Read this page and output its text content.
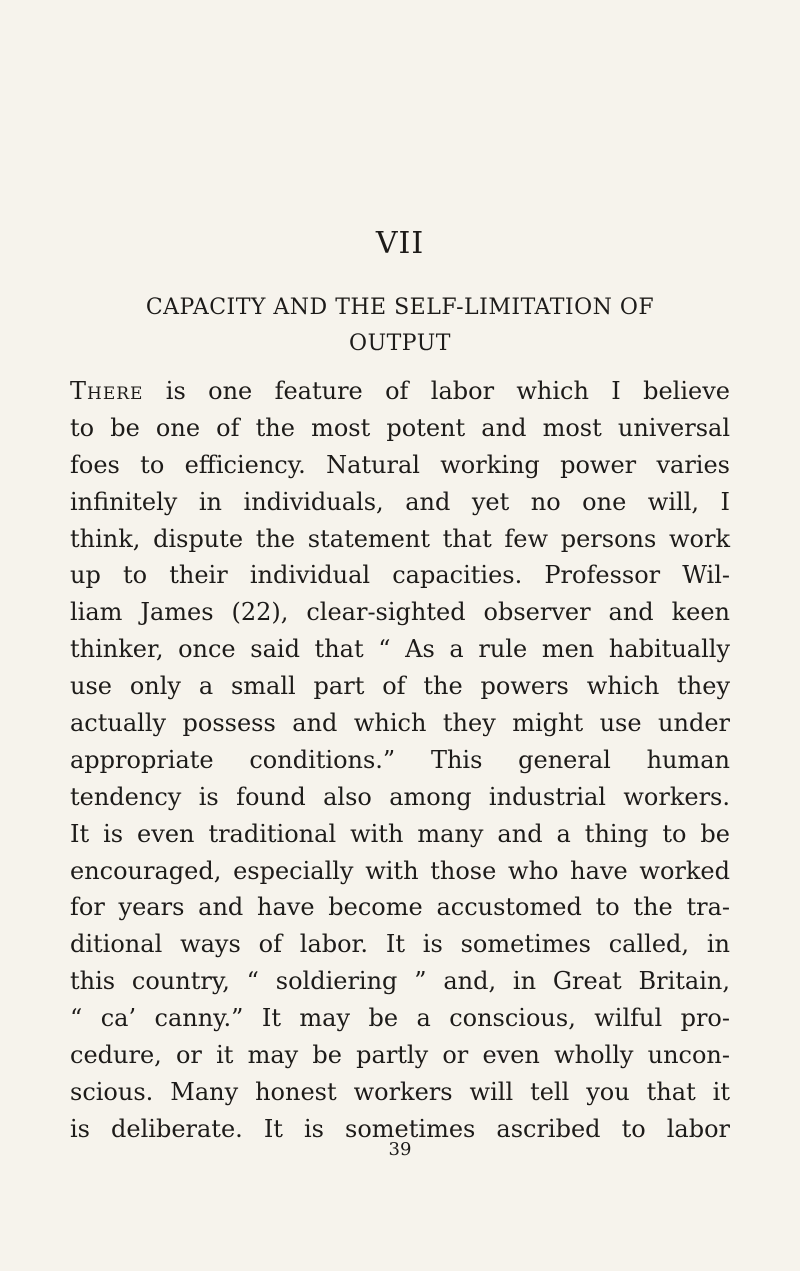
VII
CAPACITY AND THE SELF-LIMITATION OF
OUTPUT
There is one feature of labor which I believe
to be one of the most potent and most universal
foes to efficiency. Natural working power varies
infinitely in individuals, and yet no one will, I
think, dispute the statement that few persons work
up to their individual capacities. Professor Wil-
liam James (22), clear-sighted observer and keen
thinker, once said that “ As a rule men habitually
use only a small part of the powers which they
actually possess and which they might use under
appropriate conditions.” This general human
tendency is found also among industrial workers.
It is even traditional with many and a thing to be
encouraged, especially with those who have worked
for years and have become accustomed to the tra-
ditional ways of labor. It is sometimes called, in
this country, “ soldiering ” and, in Great Britain,
“ ca’ canny.” It may be a conscious, wilful pro-
cedure, or it may be partly or even wholly uncon-
scious. Many honest workers will tell you that it
is deliberate. It is sometimes ascribed to labor
39
